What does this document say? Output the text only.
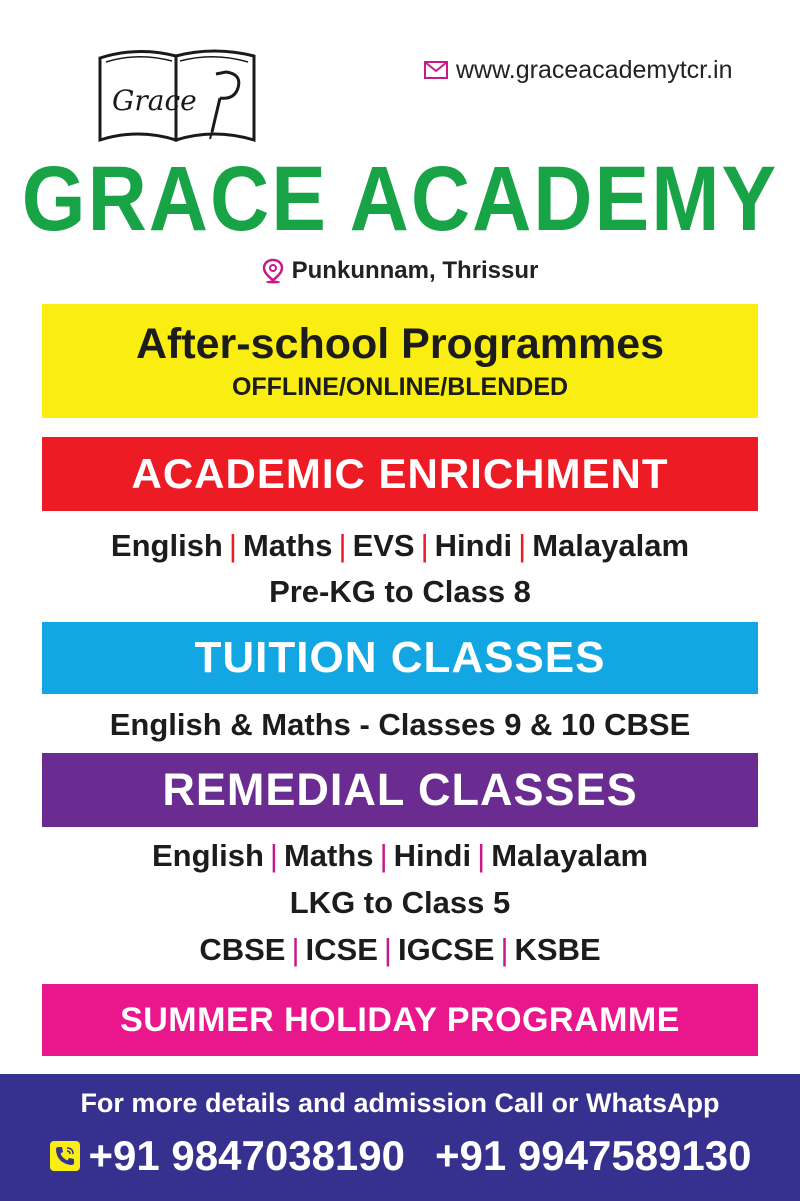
Grace
www.graceacademytcr.in
GRACE ACADEMY
Punkunnam, Thrissur
After-school Programmes
OFFLINE/ONLINE/BLENDED
ACADEMIC ENRICHMENT
English | Maths | EVS | Hindi | Malayalam
Pre-KG to Class 8
TUITION CLASSES
English & Maths - Classes 9 & 10 CBSE
REMEDIAL CLASSES
English | Maths | Hindi | Malayalam
LKG to Class 5
CBSE | ICSE | IGCSE | KSBE
SUMMER HOLIDAY PROGRAMME
For more details and admission Call or WhatsApp
+91 9847038190 +91 9947589130
